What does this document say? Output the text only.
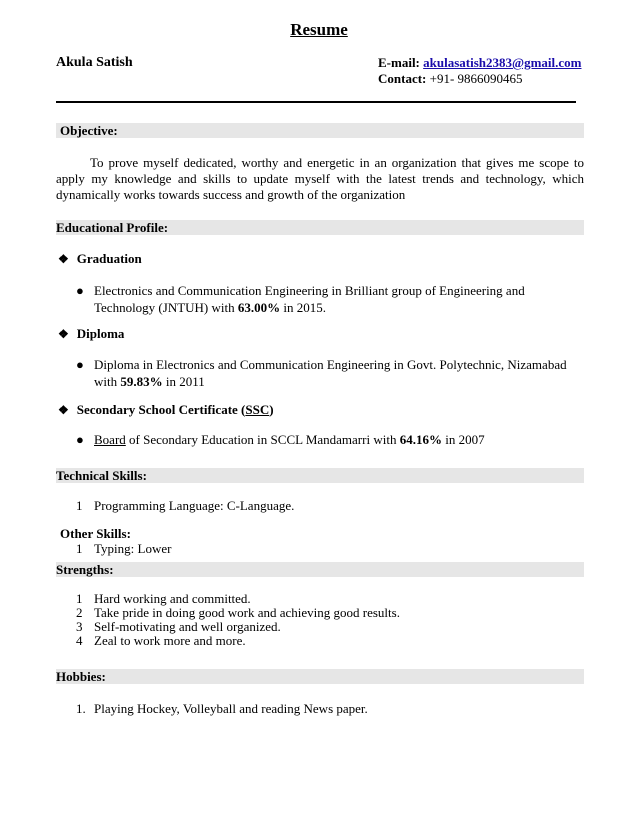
Resume
Akula Satish	E-mail: akulasatish2383@gmail.com
Contact: +91- 9866090465
Objective:
To prove myself dedicated, worthy and energetic in an organization that gives me scope to apply my knowledge and skills to update myself with the latest trends and technology, which dynamically works towards success and growth of the organization
Educational Profile:
❖ Graduation
● Electronics and Communication Engineering in Brilliant group of Engineering and Technology (JNTUH) with 63.00% in 2015.
❖ Diploma
● Diploma in Electronics and Communication Engineering in Govt. Polytechnic, Nizamabad with 59.83% in 2011
❖ Secondary School Certificate (SSC)
● Board of Secondary Education in SCCL Mandamarri with 64.16% in 2007
Technical Skills:
1 Programming Language: C-Language.
Other Skills:
1 Typing: Lower
Strengths:
1 Hard working and committed.
2 Take pride in doing good work and achieving good results.
3 Self-motivating and well organized.
4 Zeal to work more and more.
Hobbies:
1. Playing Hockey, Volleyball and reading News paper.
